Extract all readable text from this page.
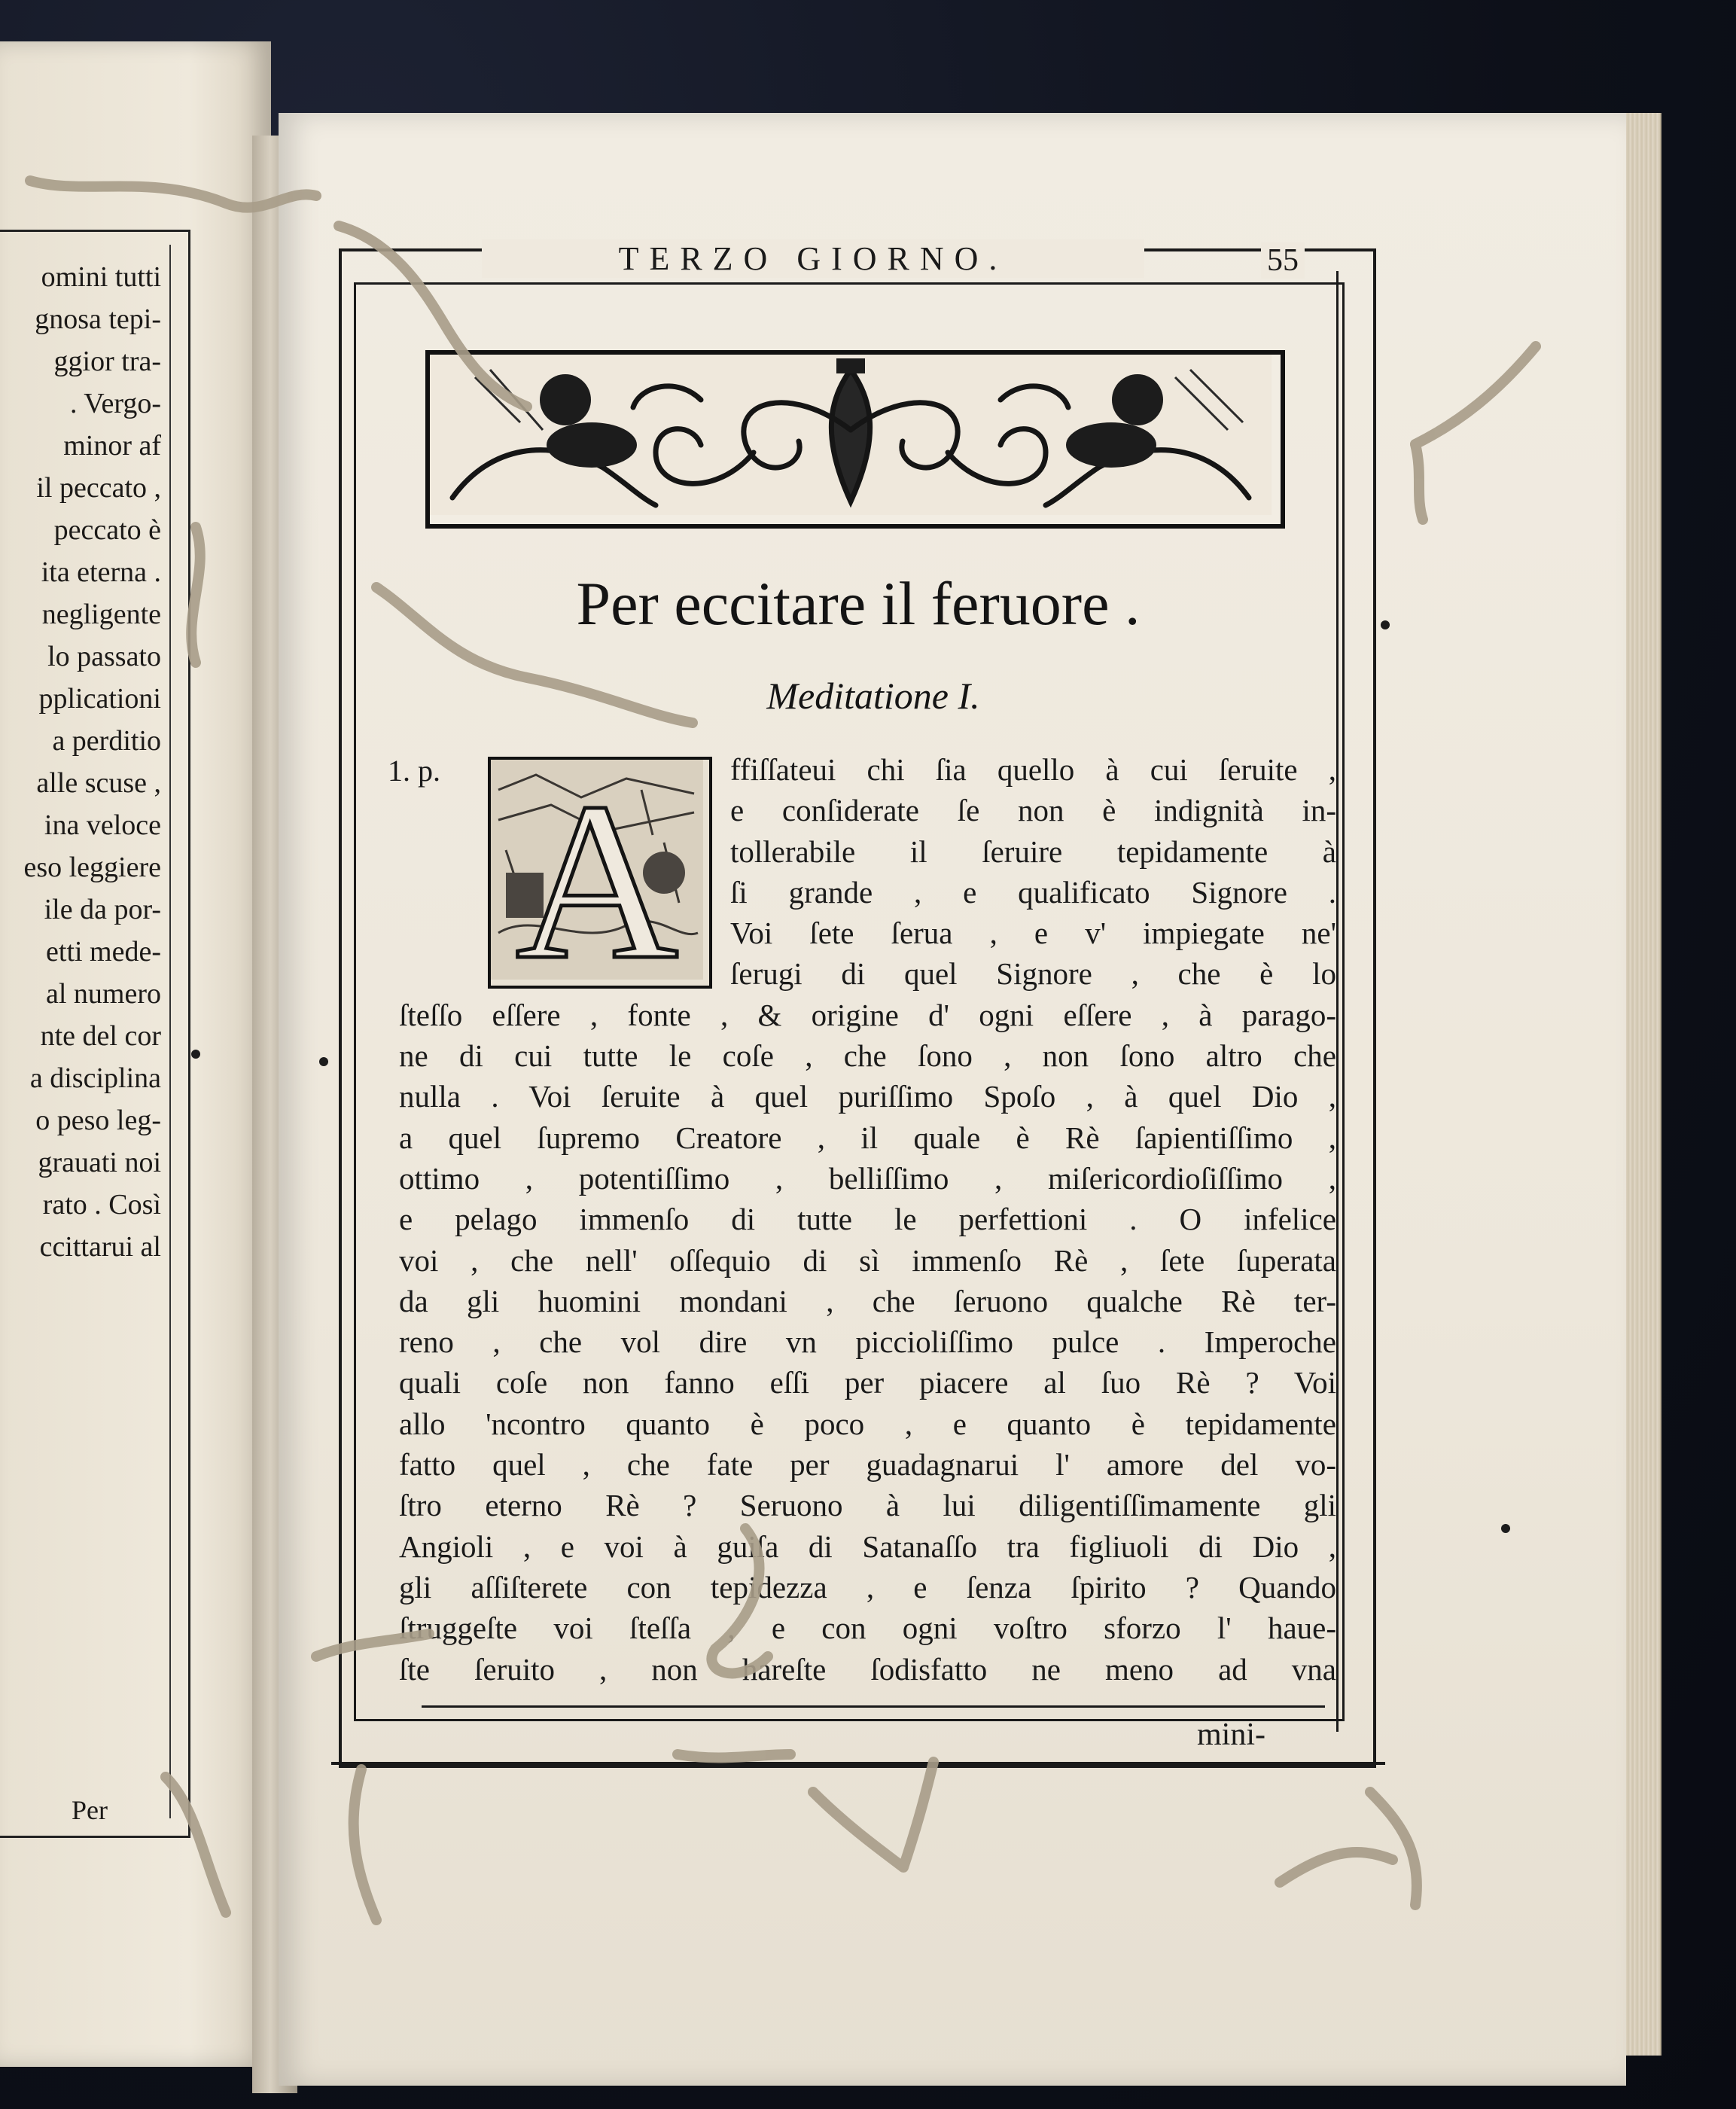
omini tutti
gnosa tepi-
ggior tra-
. Vergo-
minor af
il peccato ,
peccato è
ita eterna .
negligente
lo passato
pplicationi
a perditio
alle scuse ,
ina veloce
eso leggiere
ile da por-
etti mede-
al numero
nte del cor
a disciplina
o peso leg-
grauati noi
rato . Così
ccittarui al
Per
TERZO GIORNO.	55
Per eccitare il feruore .
Meditatione I.
1. p. A	ffiſſateui chi ſia quello à cui ſeruite ,
e conſiderate ſe non è indignità in-
tollerabile il ſeruire tepidamente à
ſi grande , e qualificato Signore .
Voi ſete ſerua , e v' impiegate ne'
ſerugi di quel Signore , che è lo
ſteſſo eſſere , fonte , & origine d' ogni eſſere , à parago-
ne di cui tutte le coſe , che ſono , non ſono altro che
nulla . Voi ſeruite à quel puriſſimo Spoſo , à quel Dio ,
a quel ſupremo Creatore , il quale è Rè ſapientiſſimo ,
ottimo , potentiſſimo , belliſſimo , miſericordioſiſſimo ,
e pelago immenſo di tutte le perfettioni . O infelice
voi , che nell' oſſequio di sì immenſo Rè , ſete ſuperata
da gli huomini mondani , che ſeruono qualche Rè ter-
reno , che vol dire vn piccioliſſimo pulce . Imperoche
quali coſe non fanno eſſi per piacere al ſuo Rè ? Voi
allo 'ncontro quanto è poco , e quanto è tepidamente
fatto quel , che fate per guadagnarui l' amore del vo-
ſtro eterno Rè ? Seruono à lui diligentiſſimamente gli
Angioli , e voi à guiſa di Satanaſſo tra figliuoli di Dio ,
gli aſſiſterete con tepidezza , e ſenza ſpirito ? Quando
ſtruggeſte voi ſteſſa , e con ogni voſtro sforzo l' haue-
ſte ſeruito , non hareſte ſodisfatto ne meno ad vna
mini-
